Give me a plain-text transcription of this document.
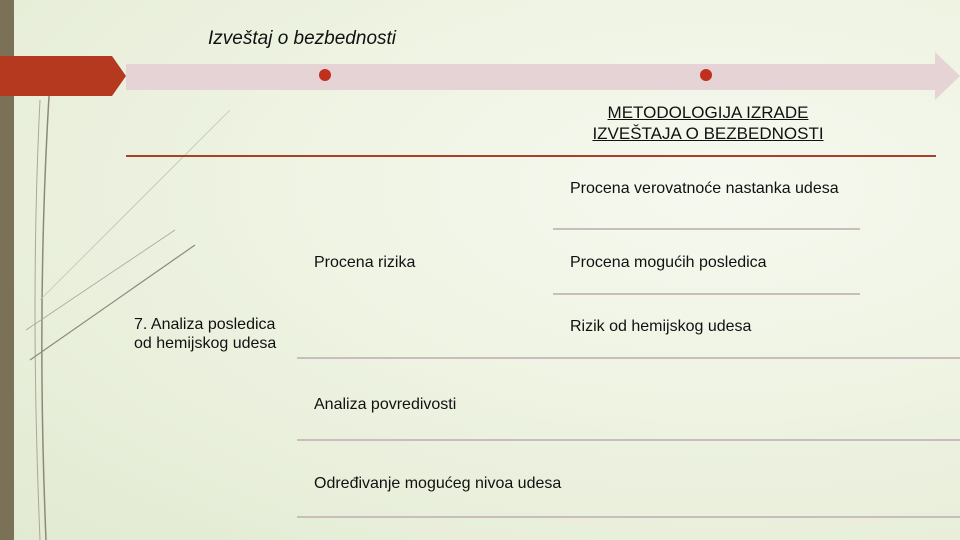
Izveštaj o bezbednosti
METODOLOGIJA IZRADE
IZVEŠTAJA O BEZBEDNOSTI
Procena verovatnoće nastanka udesa
Procena mogućih posledica
Rizik od hemijskog udesa
Procena rizika
Analiza povredivosti
Određivanje mogućeg nivoa udesa
7. Analiza posledica od hemijskog udesa
